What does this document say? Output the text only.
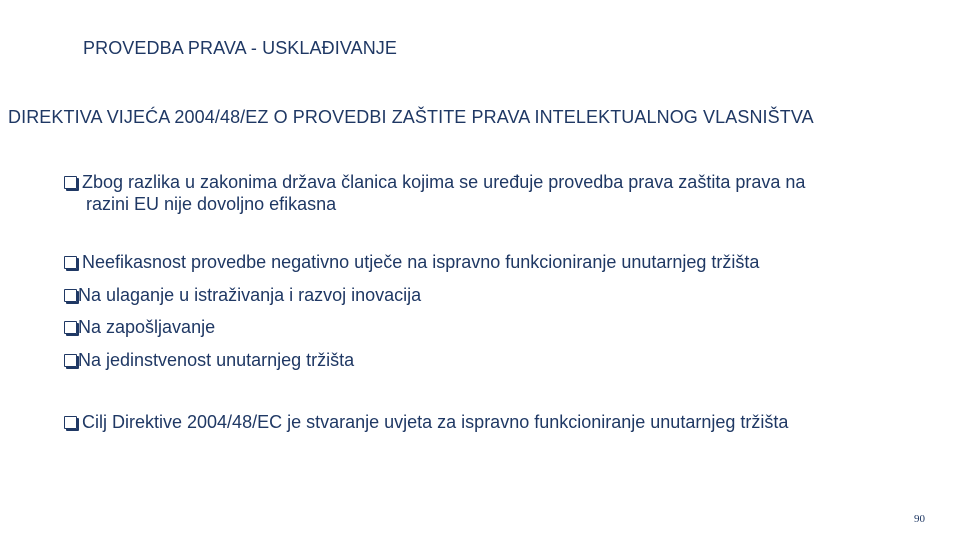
PROVEDBA PRAVA - USKLAĐIVANJE
DIREKTIVA VIJEĆA 2004/48/EZ O PROVEDBI ZAŠTITE PRAVA INTELEKTUALNOG VLASNIŠTVA
Zbog razlika u zakonima država članica kojima se uređuje provedba prava zaštita prava na
razini EU nije dovoljno efikasna
Neefikasnost provedbe negativno utječe na ispravno funkcioniranje unutarnjeg tržišta
Na ulaganje u istraživanja i razvoj inovacija
Na zapošljavanje
Na jedinstvenost unutarnjeg tržišta
Cilj Direktive 2004/48/EC je stvaranje uvjeta za ispravno funkcioniranje unutarnjeg tržišta
90
